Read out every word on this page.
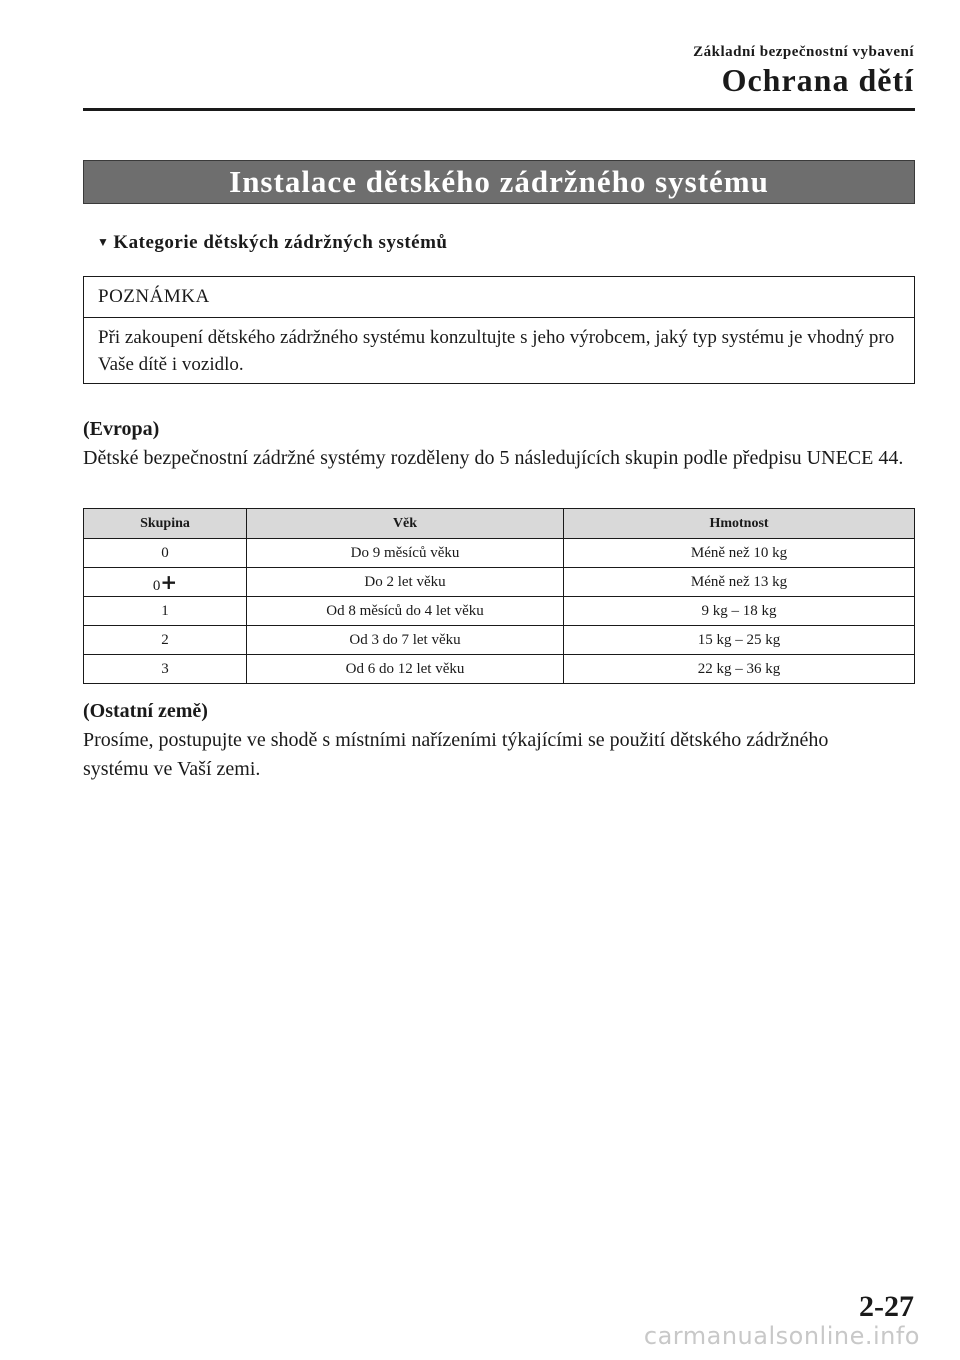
Základní bezpečnostní vybavení
Ochrana dětí
Instalace dětského zádržného systému
▼ Kategorie dětských zádržných systémů
POZNÁMKA
Při zakoupení dětského zádržného systému konzultujte s jeho výrobcem, jaký typ systému je vhodný pro Vaše dítě i vozidlo.
(Evropa)
Dětské bezpečnostní zádržné systémy rozděleny do 5 následujících skupin podle předpisu UNECE 44.
Skupina	Věk	Hmotnost
0	Do 9 měsíců věku	Méně než 10 kg
0+	Do 2 let věku	Méně než 13 kg
1	Od 8 měsíců do 4 let věku	9 kg – 18 kg
2	Od 3 do 7 let věku	15 kg – 25 kg
3	Od 6 do 12 let věku	22 kg – 36 kg
(Ostatní země)
Prosíme, postupujte ve shodě s místními nařízeními týkajícími se použití dětského zádržného systému ve Vaší zemi.
2-27
carmanualsonline.info
